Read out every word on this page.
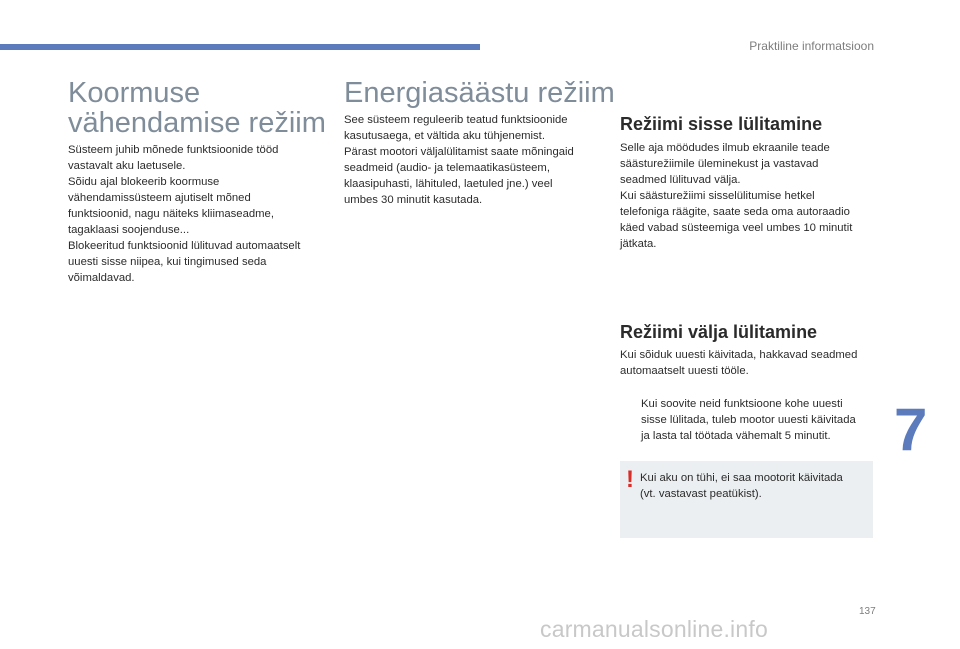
Praktiline informatsioon
Koormuse
vähendamise režiim

Süsteem juhib mõnede funktsioonide tööd
vastavalt aku laetusele.
Sõidu ajal blokeerib koormuse
vähendamissüsteem ajutiselt mõned
funktsioonid, nagu näiteks kliimaseadme,
tagaklaasi soojenduse...
Blokeeritud funktsioonid lülituvad automaatselt
uuesti sisse niipea, kui tingimused seda
võimaldavad.

Energiasäästu režiim

See süsteem reguleerib teatud funktsioonide
kasutusaega, et vältida aku tühjenemist.
Pärast mootori väljalülitamist saate mõningaid
seadmeid (audio- ja telemaatikasüsteem,
klaasipuhasti, lähituled, laetuled jne.) veel
umbes 30 minutit kasutada.

Režiimi sisse lülitamine

Selle aja möödudes ilmub ekraanile teade
säästurežiimile üleminekust ja vastavad
seadmed lülituvad välja.
Kui säästurežiimi sisselülitumise hetkel
telefoniga räägite, saate seda oma autoraadio
käed vabad süsteemiga veel umbes 10 minutit
jätkata.

Režiimi välja lülitamine

Kui sõiduk uuesti käivitada, hakkavad seadmed
automaatselt uuesti tööle.

Kui soovite neid funktsioone kohe uuesti
sisse lülitada, tuleb mootor uuesti käivitada
ja lasta tal töötada vähemalt 5 minutit.

! Kui aku on tühi, ei saa mootorit käivitada
(vt. vastavast peatükist).

7
137
carmanualsonline.info
